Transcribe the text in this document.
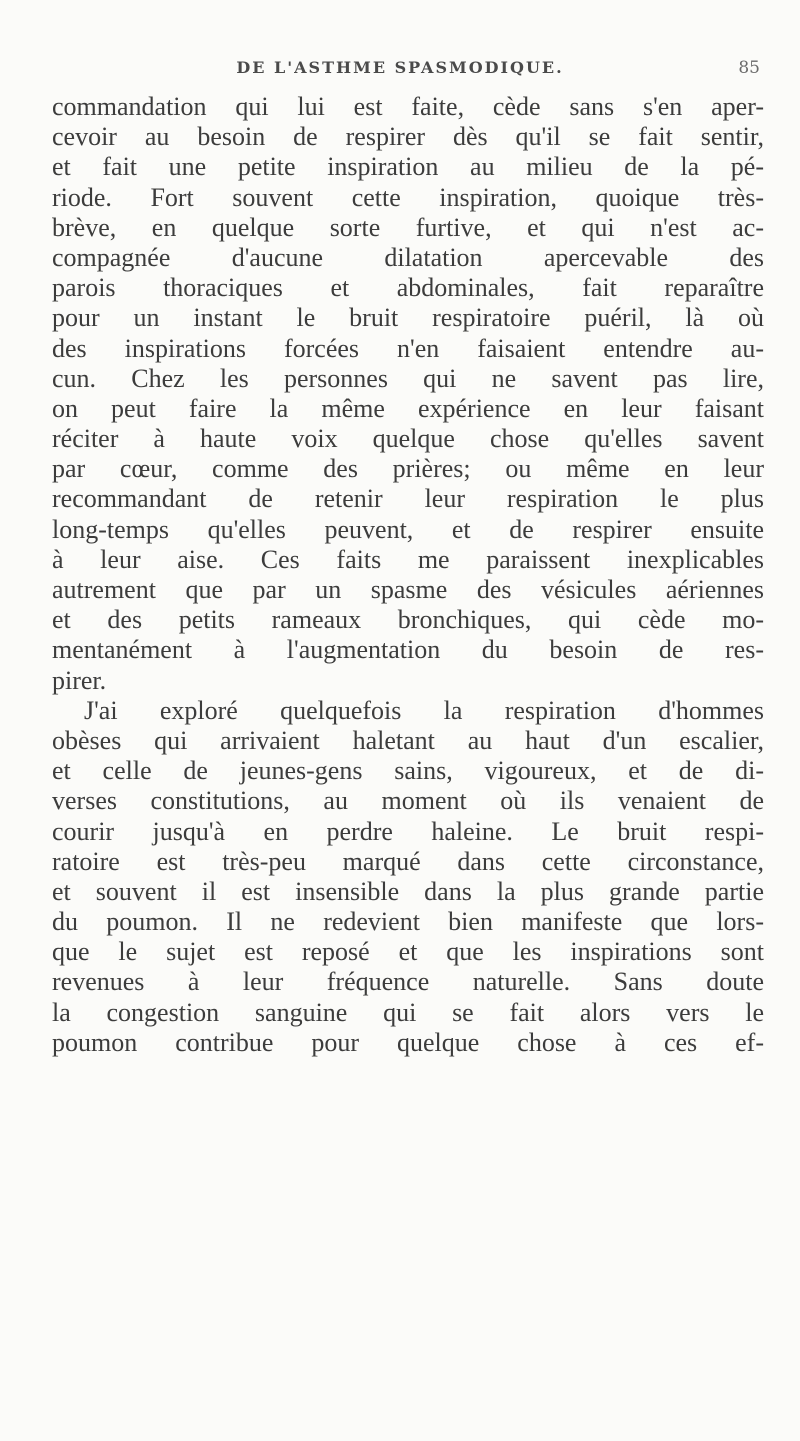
DE L'ASTHME SPASMODIQUE.	85
commandation qui lui est faite, cède sans s'en aper-
cevoir au besoin de respirer dès qu'il se fait sentir,
et fait une petite inspiration au milieu de la pé-
riode. Fort souvent cette inspiration, quoique très-
brève, en quelque sorte furtive, et qui n'est ac-
compagnée d'aucune dilatation apercevable des
parois thoraciques et abdominales, fait reparaître
pour un instant le bruit respiratoire puéril, là où
des inspirations forcées n'en faisaient entendre au-
cun. Chez les personnes qui ne savent pas lire,
on peut faire la même expérience en leur faisant
réciter à haute voix quelque chose qu'elles savent
par cœur, comme des prières; ou même en leur
recommandant de retenir leur respiration le plus
long-temps qu'elles peuvent, et de respirer ensuite
à leur aise. Ces faits me paraissent inexplicables
autrement que par un spasme des vésicules aériennes
et des petits rameaux bronchiques, qui cède mo-
mentanément à l'augmentation du besoin de res-
pirer.
J'ai exploré quelquefois la respiration d'hommes
obèses qui arrivaient haletant au haut d'un escalier,
et celle de jeunes-gens sains, vigoureux, et de di-
verses constitutions, au moment où ils venaient de
courir jusqu'à en perdre haleine. Le bruit respi-
ratoire est très-peu marqué dans cette circonstance,
et souvent il est insensible dans la plus grande partie
du poumon. Il ne redevient bien manifeste que lors-
que le sujet est reposé et que les inspirations sont
revenues à leur fréquence naturelle. Sans doute
la congestion sanguine qui se fait alors vers le
poumon contribue pour quelque chose à ces ef-
